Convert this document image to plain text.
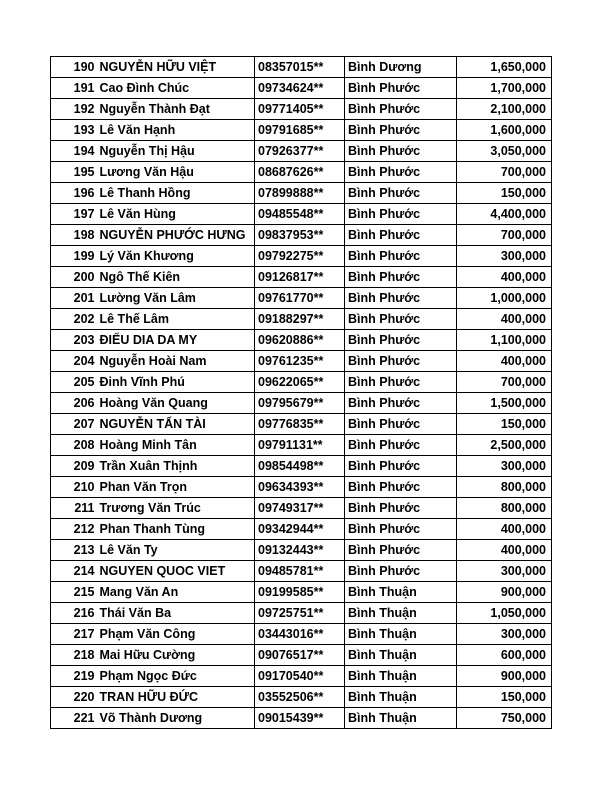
190	NGUYỄN HỮU VIỆT	08357015**	Bình Dương	1,650,000
191	Cao Đình Chúc	09734624**	Bình Phước	1,700,000
192	Nguyễn Thành Đạt	09771405**	Bình Phước	2,100,000
193	Lê Văn Hạnh	09791685**	Bình Phước	1,600,000
194	Nguyễn Thị Hậu	07926377**	Bình Phước	3,050,000
195	Lương Văn Hậu	08687626**	Bình Phước	700,000
196	Lê Thanh Hồng	07899888**	Bình Phước	150,000
197	Lê Văn Hùng	09485548**	Bình Phước	4,400,000
198	NGUYỄN PHƯỚC HƯNG	09837953**	Bình Phước	700,000
199	Lý Văn Khương	09792275**	Bình Phước	300,000
200	Ngô Thế Kiên	09126817**	Bình Phước	400,000
201	Lường Văn Lâm	09761770**	Bình Phước	1,000,000
202	Lê Thế Lâm	09188297**	Bình Phước	400,000
203	ĐIỂU DIA DA MY	09620886**	Bình Phước	1,100,000
204	Nguyễn Hoài Nam	09761235**	Bình Phước	400,000
205	Đinh Vĩnh Phú	09622065**	Bình Phước	700,000
206	Hoàng Văn Quang	09795679**	Bình Phước	1,500,000
207	NGUYỄN TẤN TÀI	09776835**	Bình Phước	150,000
208	Hoàng Minh Tân	09791131**	Bình Phước	2,500,000
209	Trần Xuân Thịnh	09854498**	Bình Phước	300,000
210	Phan Văn Trọn	09634393**	Bình Phước	800,000
211	Trương Văn Trúc	09749317**	Bình Phước	800,000
212	Phan Thanh Tùng	09342944**	Bình Phước	400,000
213	Lê Văn Ty	09132443**	Bình Phước	400,000
214	NGUYEN QUOC VIET	09485781**	Bình Phước	300,000
215	Mang Văn An	09199585**	Bình Thuận	900,000
216	Thái Văn Ba	09725751**	Bình Thuận	1,050,000
217	Phạm Văn Công	03443016**	Bình Thuận	300,000
218	Mai Hữu Cường	09076517**	Bình Thuận	600,000
219	Phạm Ngọc Đức	09170540**	Bình Thuận	900,000
220	TRAN HỮU ĐỨC	03552506**	Bình Thuận	150,000
221	Võ Thành Dương	09015439**	Bình Thuận	750,000
